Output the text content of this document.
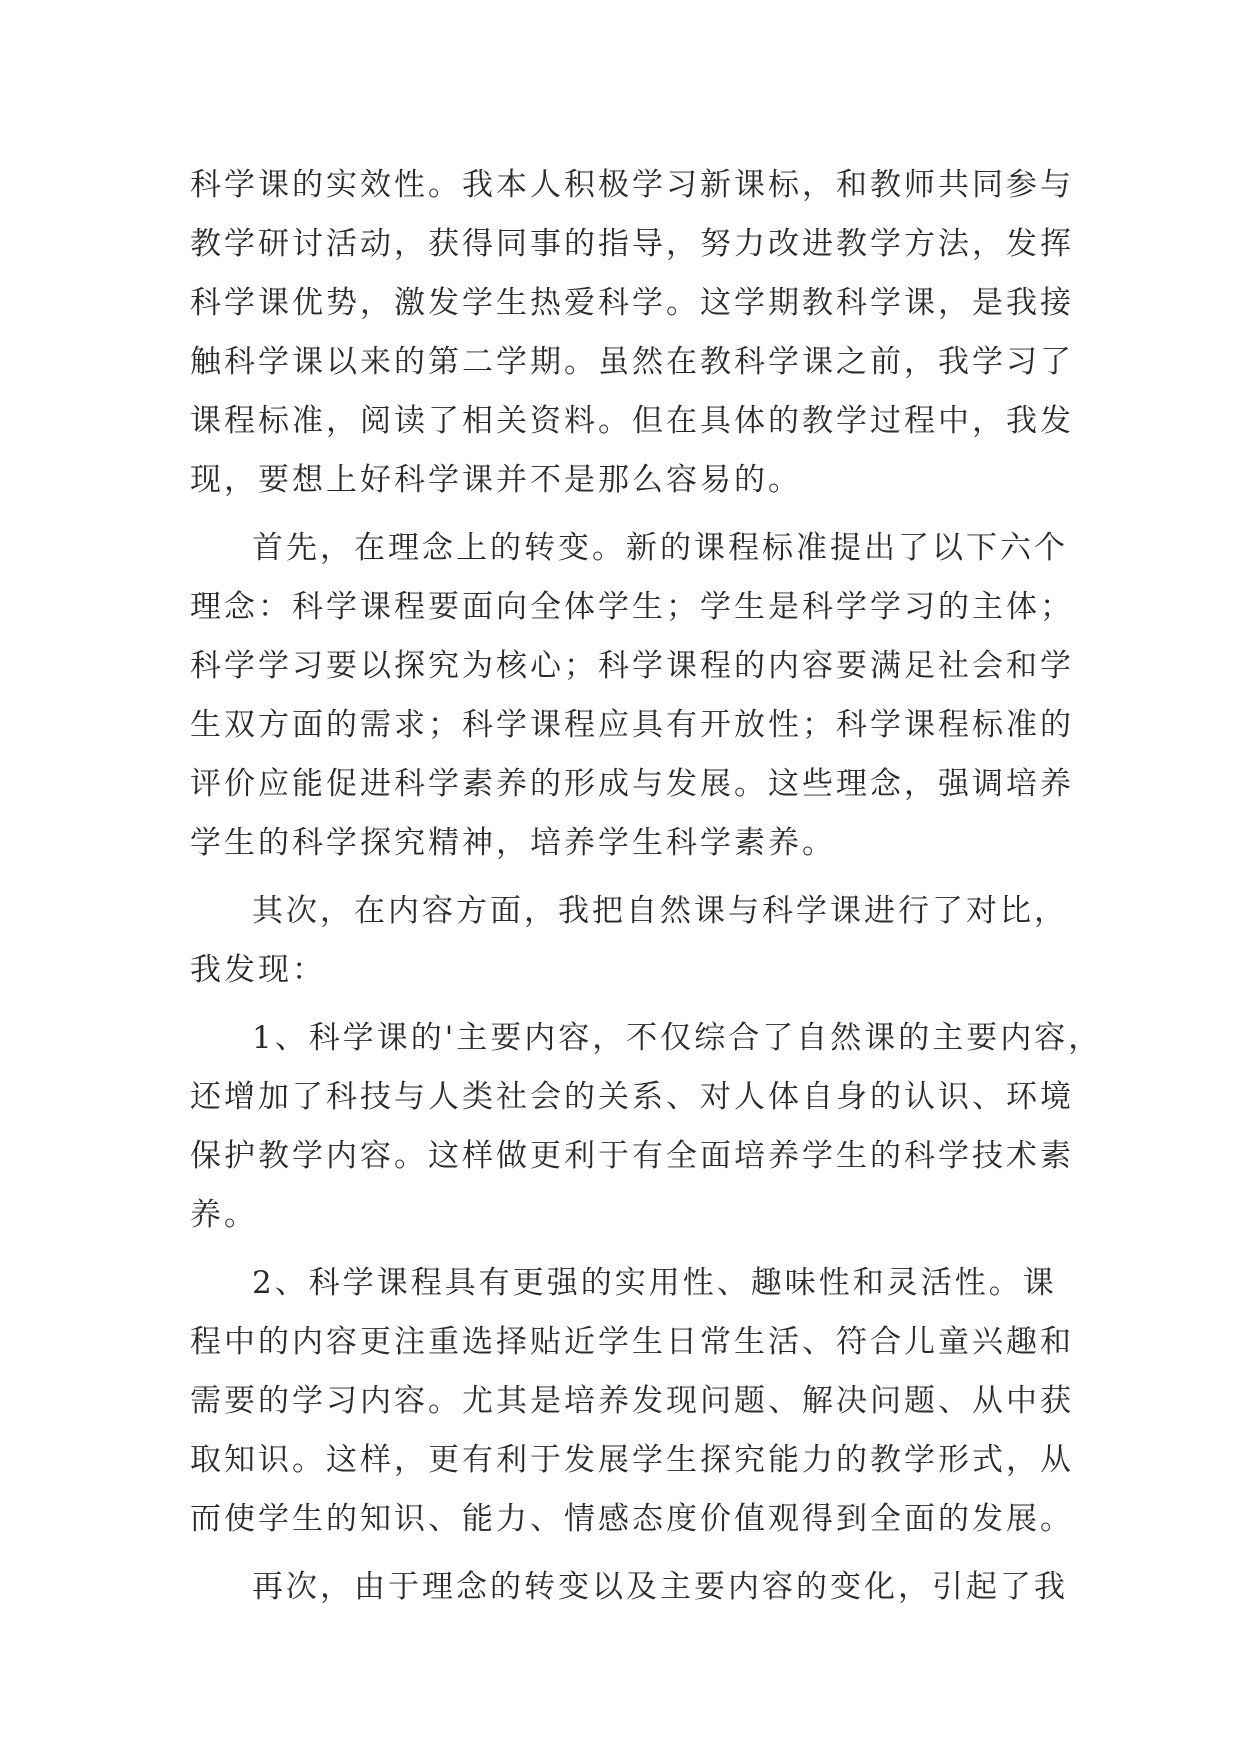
科学课的实效性。我本人积极学习新课标，和教师共同参与
教学研讨活动，获得同事的指导，努力改进教学方法，发挥
科学课优势，激发学生热爱科学。这学期教科学课，是我接
触科学课以来的第二学期。虽然在教科学课之前，我学习了
课程标准，阅读了相关资料。但在具体的教学过程中，我发
现，要想上好科学课并不是那么容易的。
首先，在理念上的转变。新的课程标准提出了以下六个
理念：科学课程要面向全体学生；学生是科学学习的主体；
科学学习要以探究为核心；科学课程的内容要满足社会和学
生双方面的需求；科学课程应具有开放性；科学课程标准的
评价应能促进科学素养的形成与发展。这些理念，强调培养
学生的科学探究精神，培养学生科学素养。
其次，在内容方面，我把自然课与科学课进行了对比，
我发现：
1、科学课的'主要内容，不仅综合了自然课的主要内容，
还增加了科技与人类社会的关系、对人体自身的认识、环境
保护教学内容。这样做更利于有全面培养学生的科学技术素
养。
2、科学课程具有更强的实用性、趣味性和灵活性。课
程中的内容更注重选择贴近学生日常生活、符合儿童兴趣和
需要的学习内容。尤其是培养发现问题、解决问题、从中获
取知识。这样，更有利于发展学生探究能力的教学形式，从
而使学生的知识、能力、情感态度价值观得到全面的发展。
再次，由于理念的转变以及主要内容的变化，引起了我
